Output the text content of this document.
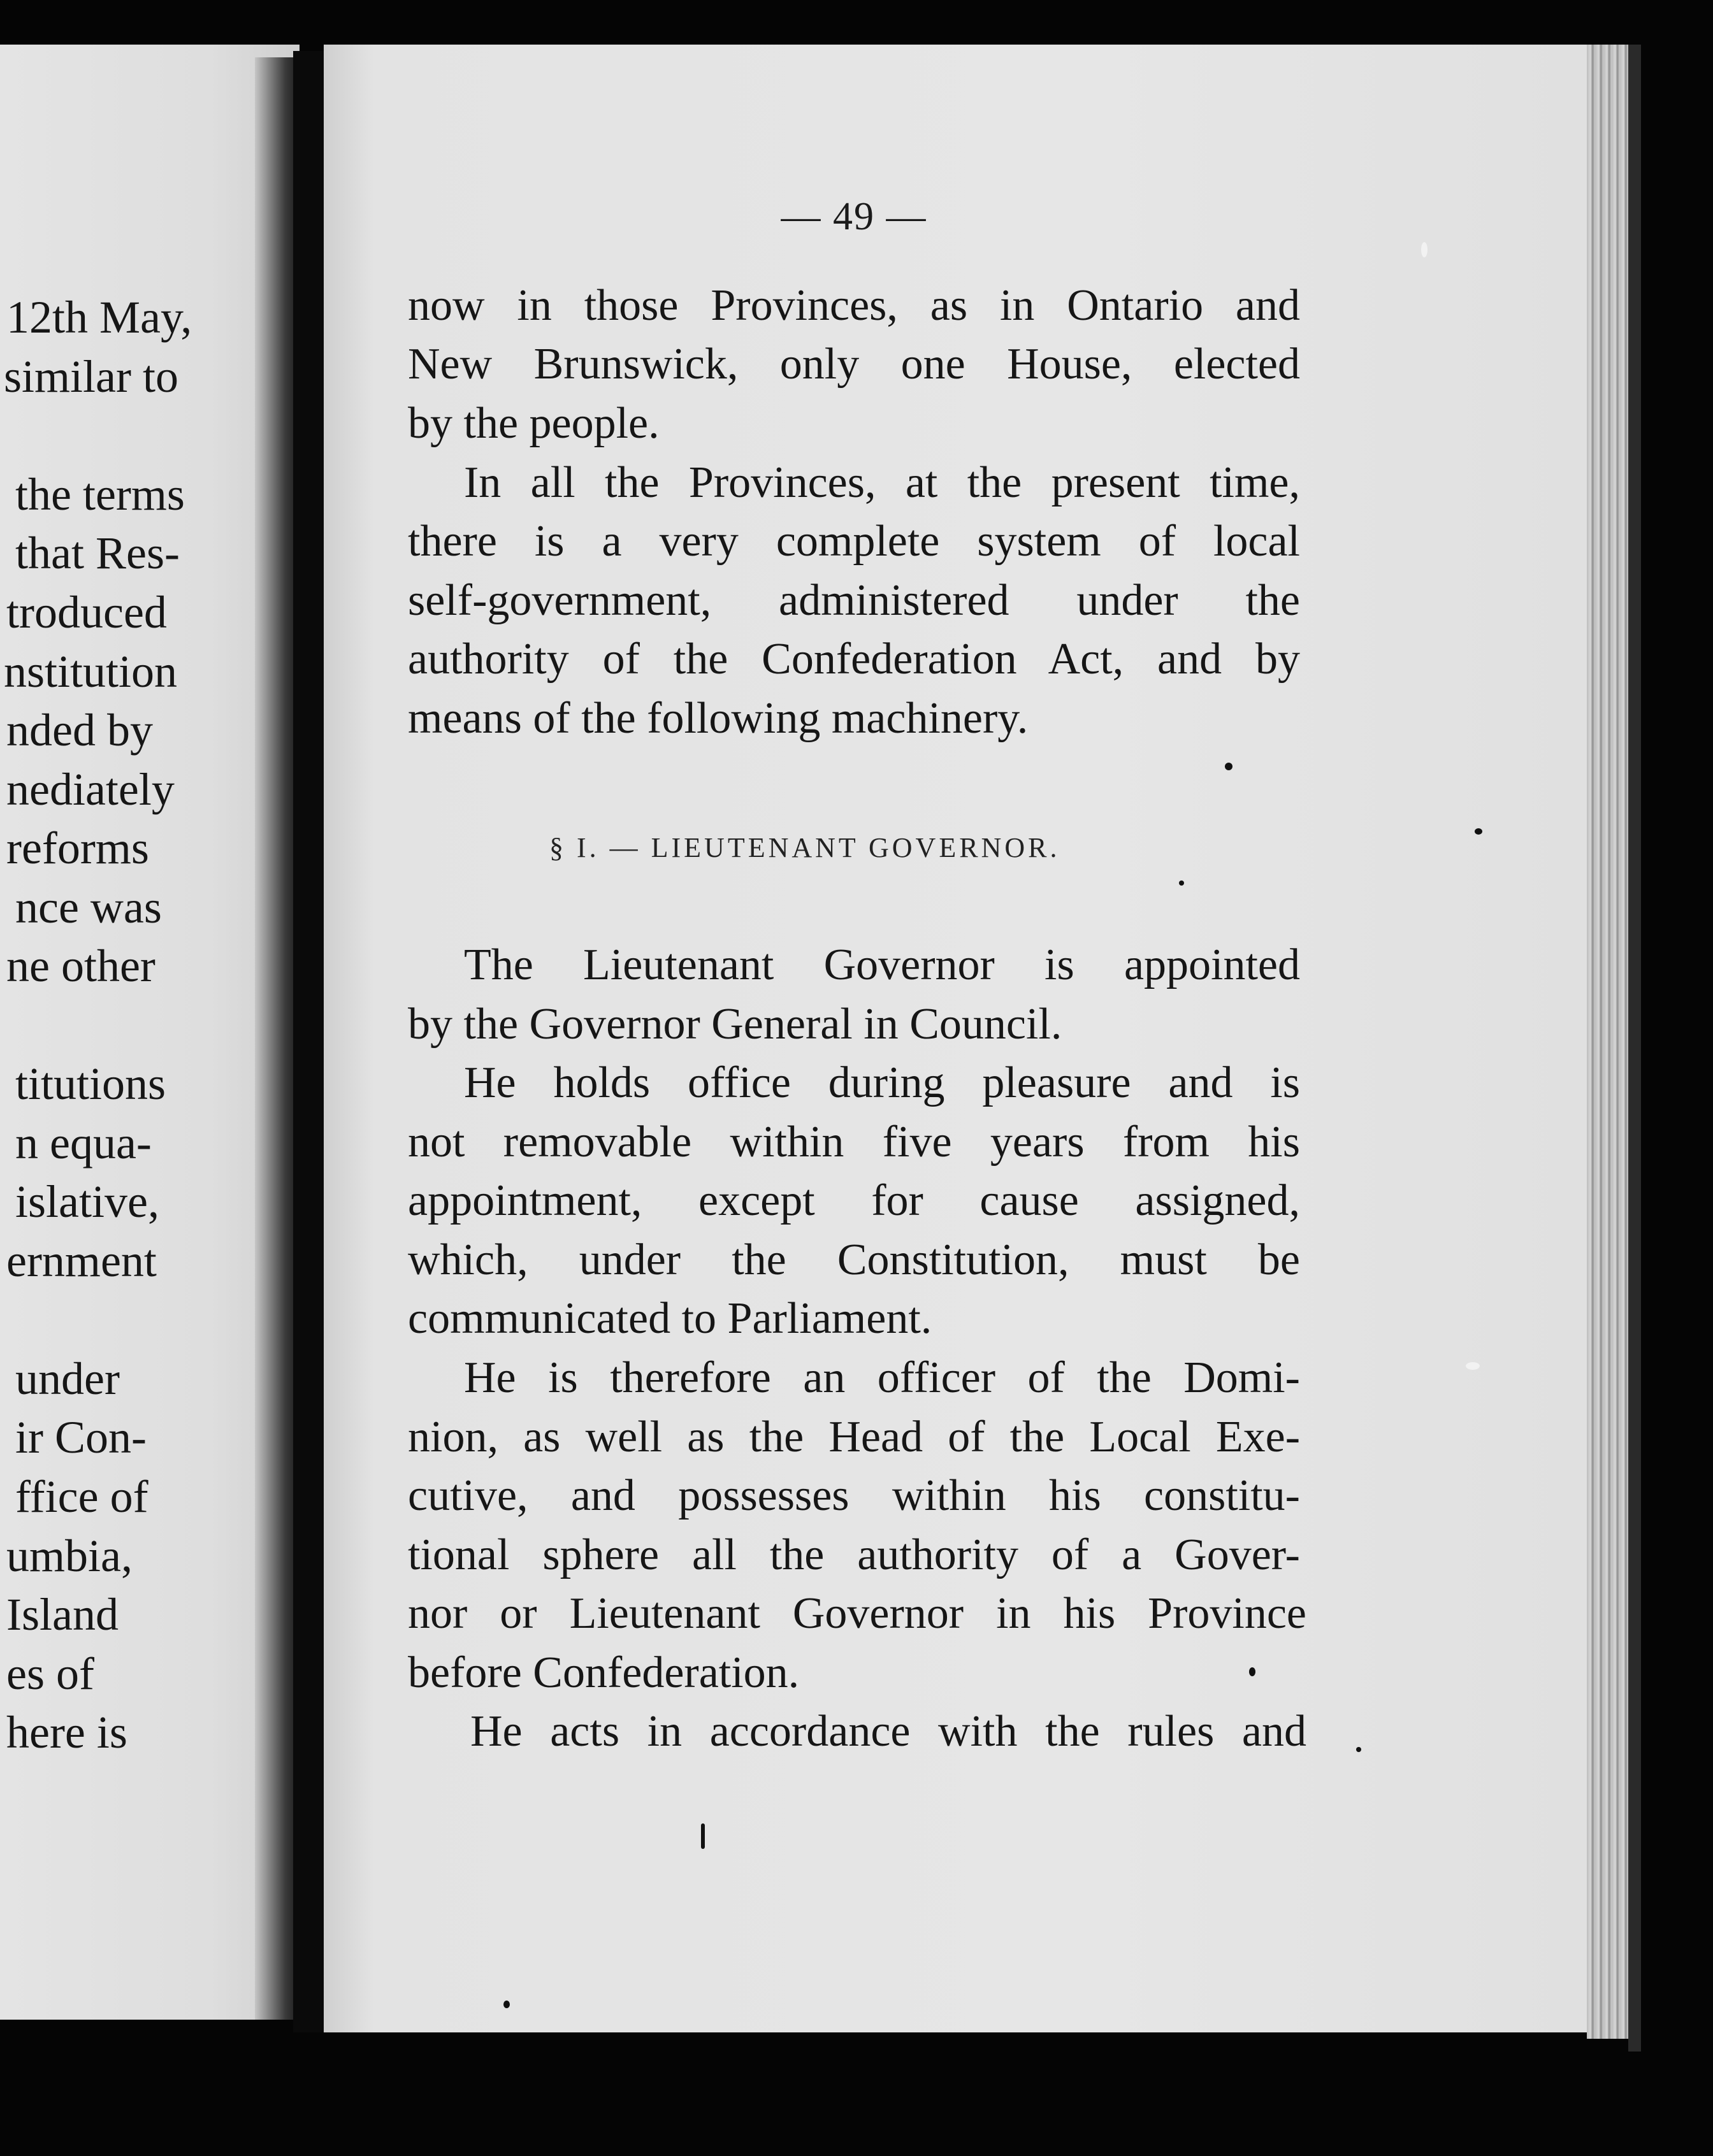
12th May,
similar to
the terms
that Res-
troduced
nstitution
nded by
nediately
reforms
nce was
ne other
titutions
n equa-
islative,
ernment
under
ir Con-
ffice of
umbia,
Island
es of
here is
— 49 —
now in those Provinces, as in Ontario and
New Brunswick, only one House, elected
by the people.
In all the Provinces, at the present time,
there is a very complete system of local
self-government, administered under the
authority of the Confederation Act, and by
means of the following machinery.
§ I. — LIEUTENANT GOVERNOR.
The Lieutenant Governor is appointed
by the Governor General in Council.
He holds office during pleasure and is
not removable within five years from his
appointment, except for cause assigned,
which, under the Constitution, must be
communicated to Parliament.
He is therefore an officer of the Domi-
nion, as well as the Head of the Local Exe-
cutive, and possesses within his constitu-
tional sphere all the authority of a Gover-
nor or Lieutenant Governor in his Province
before Confederation.
He acts in accordance with the rules and
